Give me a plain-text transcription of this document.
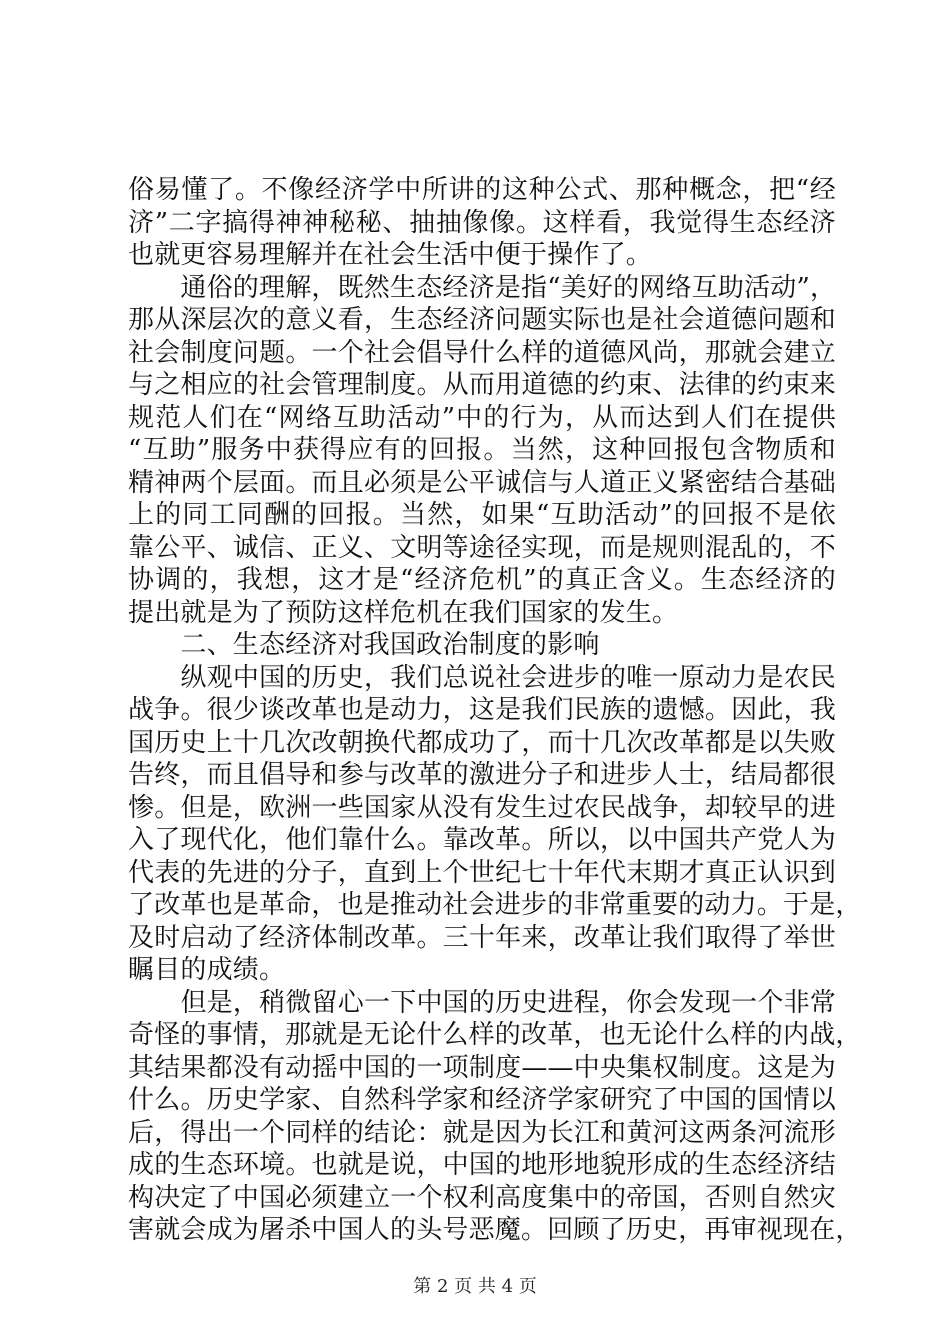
俗易懂了。不像经济学中所讲的这种公式、那种概念，把“经
济”二字搞得神神秘秘、抽抽像像。这样看，我觉得生态经济
也就更容易理解并在社会生活中便于操作了。
　　通俗的理解，既然生态经济是指“美好的网络互助活动”，
那从深层次的意义看，生态经济问题实际也是社会道德问题和
社会制度问题。一个社会倡导什么样的道德风尚，那就会建立
与之相应的社会管理制度。从而用道德的约束、法律的约束来
规范人们在“网络互助活动”中的行为，从而达到人们在提供
“互助”服务中获得应有的回报。当然，这种回报包含物质和
精神两个层面。而且必须是公平诚信与人道正义紧密结合基础
上的同工同酬的回报。当然，如果“互助活动”的回报不是依
靠公平、诚信、正义、文明等途径实现，而是规则混乱的，不
协调的，我想，这才是“经济危机”的真正含义。生态经济的
提出就是为了预防这样危机在我们国家的发生。
　　二、生态经济对我国政治制度的影响
　　纵观中国的历史，我们总说社会进步的唯一原动力是农民
战争。很少谈改革也是动力，这是我们民族的遗憾。因此，我
国历史上十几次改朝换代都成功了，而十几次改革都是以失败
告终，而且倡导和参与改革的激进分子和进步人士，结局都很
惨。但是，欧洲一些国家从没有发生过农民战争，却较早的进
入了现代化，他们靠什么。靠改革。所以，以中国共产党人为
代表的先进的分子，直到上个世纪七十年代末期才真正认识到
了改革也是革命，也是推动社会进步的非常重要的动力。于是，
及时启动了经济体制改革。三十年来，改革让我们取得了举世
瞩目的成绩。
　　但是，稍微留心一下中国的历史进程，你会发现一个非常
奇怪的事情，那就是无论什么样的改革，也无论什么样的内战，
其结果都没有动摇中国的一项制度——中央集权制度。这是为
什么。历史学家、自然科学家和经济学家研究了中国的国情以
后，得出一个同样的结论：就是因为长江和黄河这两条河流形
成的生态环境。也就是说，中国的地形地貌形成的生态经济结
构决定了中国必须建立一个权利高度集中的帝国，否则自然灾
害就会成为屠杀中国人的头号恶魔。回顾了历史，再审视现在，
第 2 页 共 4 页
